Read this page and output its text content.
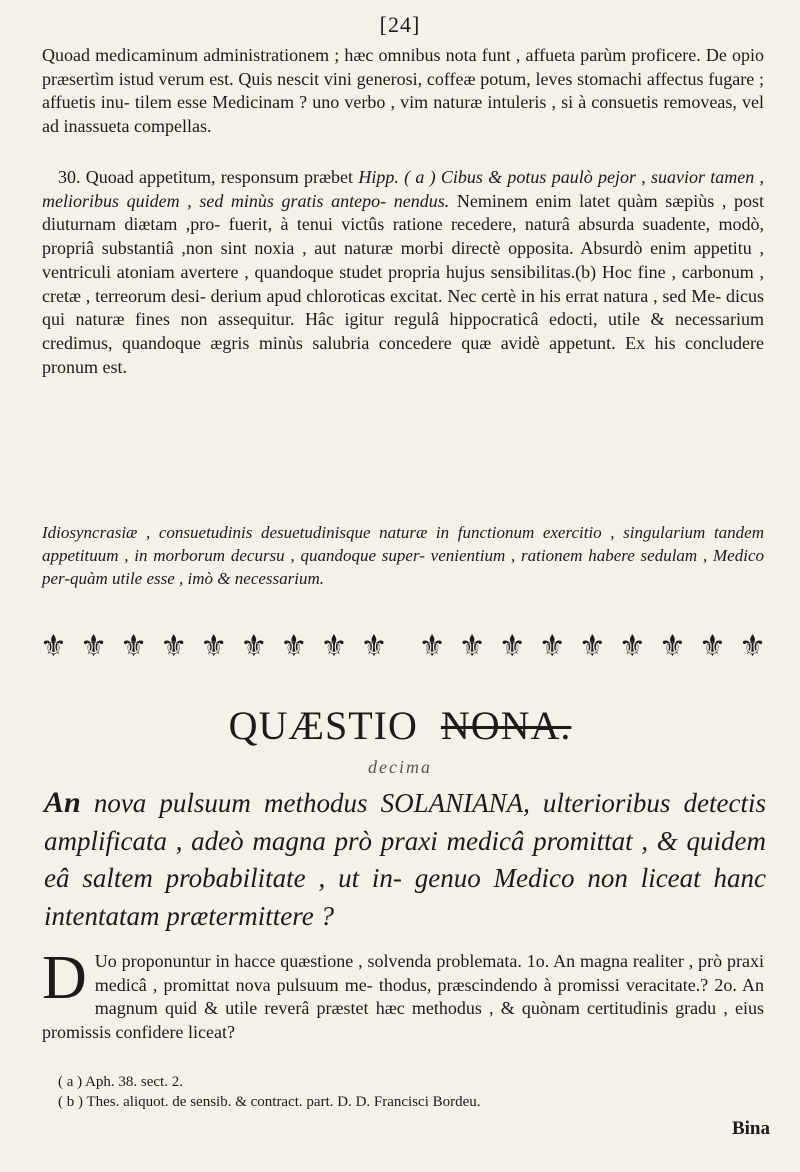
[24]

Quoad medicaminum administrationem ; hæc omnibus nota funt , affueta parùm proficere. De opio præsertìm istud verum est. Quis nescit vini generosi, coffeæ potum, leves stomachi affectus fugare ; affuetis inu- tilem esse Medicinam ? uno verbo , vim naturæ intuleris , si à consuetis removeas, vel ad inassueta compellas.

30. Quoad appetitum, responsum præbet Hipp. ( a ) Cibus & potus paulò pejor , suavior tamen , melioribus quidem , sed minùs gratis antepo- nendus. Neminem enim latet quàm sæpiùs , post diuturnam diætam ,pro- fuerit, à tenui victûs ratione recedere, naturâ absurda suadente, modò, propriâ substantiâ ,non sint noxia , aut naturæ morbi directè opposita. Absurdò enim appetitu , ventriculi atoniam avertere , quandoque studet propria hujus sensibilitas.(b) Hoc fine , carbonum , cretæ , terreorum desi- derium apud chloroticas excitat. Nec certè in his errat natura , sed Me- dicus qui naturæ fines non assequitur. Hâc igitur regulâ hippocraticâ edocti, utile & necessarium credimus, quandoque ægris minùs salubria concedere quæ avidè appetunt. Ex his concludere pronum est.

Idiosyncrasiæ , consuetudinis desuetudinisque naturæ in functionum exercitio , singularium tandem appetituum , in morborum decursu , quandoque super- venientium , rationem habere sedulam , Medico per-quàm utile esse , imò & necessarium.

⚜ ⚜ ⚜ ⚜ ⚜ ⚜ ⚜ ⚜ ⚜ ⚜ ⚜ ⚜ ⚜ ⚜ ⚜ ⚜ ⚜ ⚜
QUÆSTIO NONA.
decima
An nova pulsuum methodus SOLANIANA, ulterioribus detectis amplificata , adeò magna prò praxi medicâ promittat , & quidem eâ saltem probabilitate , ut in- genuo Medico non liceat hanc intentatam prætermittere ?
D Uo proponuntur in hacce quæstione , solvenda problemata. 1o. An magna realiter , prò praxi medicâ , promittat nova pulsuum me- thodus, præscindendo à promissi veracitate.? 2o. An magnum quid & utile reverâ præstet hæc methodus , & quònam certitudinis gradu , eius promissis confidere liceat?
( a ) Aph. 38. sect. 2.
( b ) Thes. aliquot. de sensib. & contract. part. D. D. Francisci Bordeu.
Bina
